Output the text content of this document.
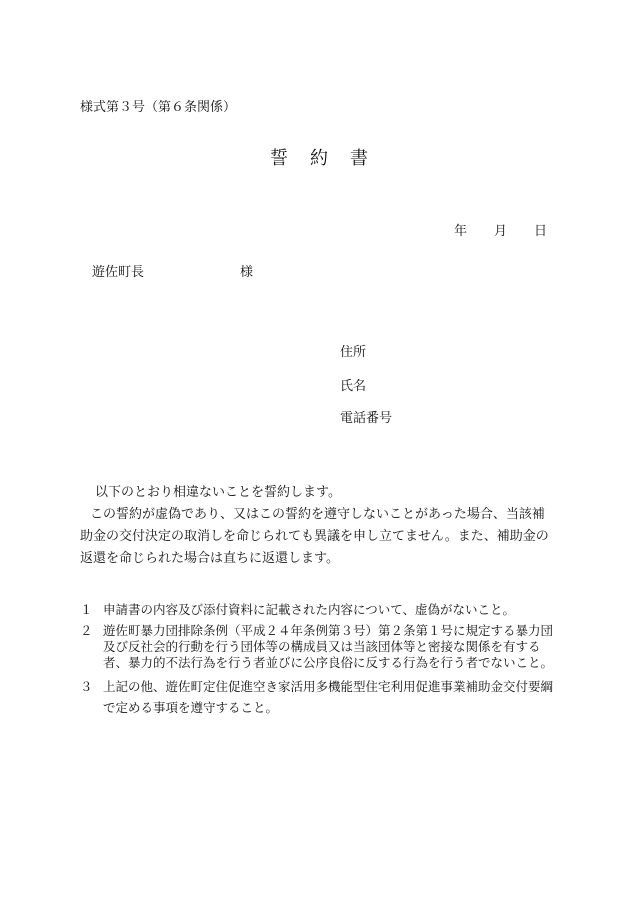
様式第３号（第６条関係）
誓 約 書
年 月 日
遊佐町長	様
住所
氏名
電話番号

以下のとおり相違ないことを誓約します。

この誓約が虚偽であり、又はこの誓約を遵守しないことがあった場合、当該補助金の交付決定の取消しを命じられても異議を申し立てません。また、補助金の返還を命じられた場合は直ちに返還します。

１ 申請書の内容及び添付資料に記載された内容について、虚偽がないこと。
２ 遊佐町暴力団排除条例（平成２４年条例第３号）第２条第１号に規定する暴力団及び反社会的行動を行う団体等の構成員又は当該団体等と密接な関係を有する者、暴力的不法行為を行う者並びに公序良俗に反する行為を行う者でないこと。
３ 上記の他、遊佐町定住促進空き家活用多機能型住宅利用促進事業補助金交付要綱で定める事項を遵守すること。
